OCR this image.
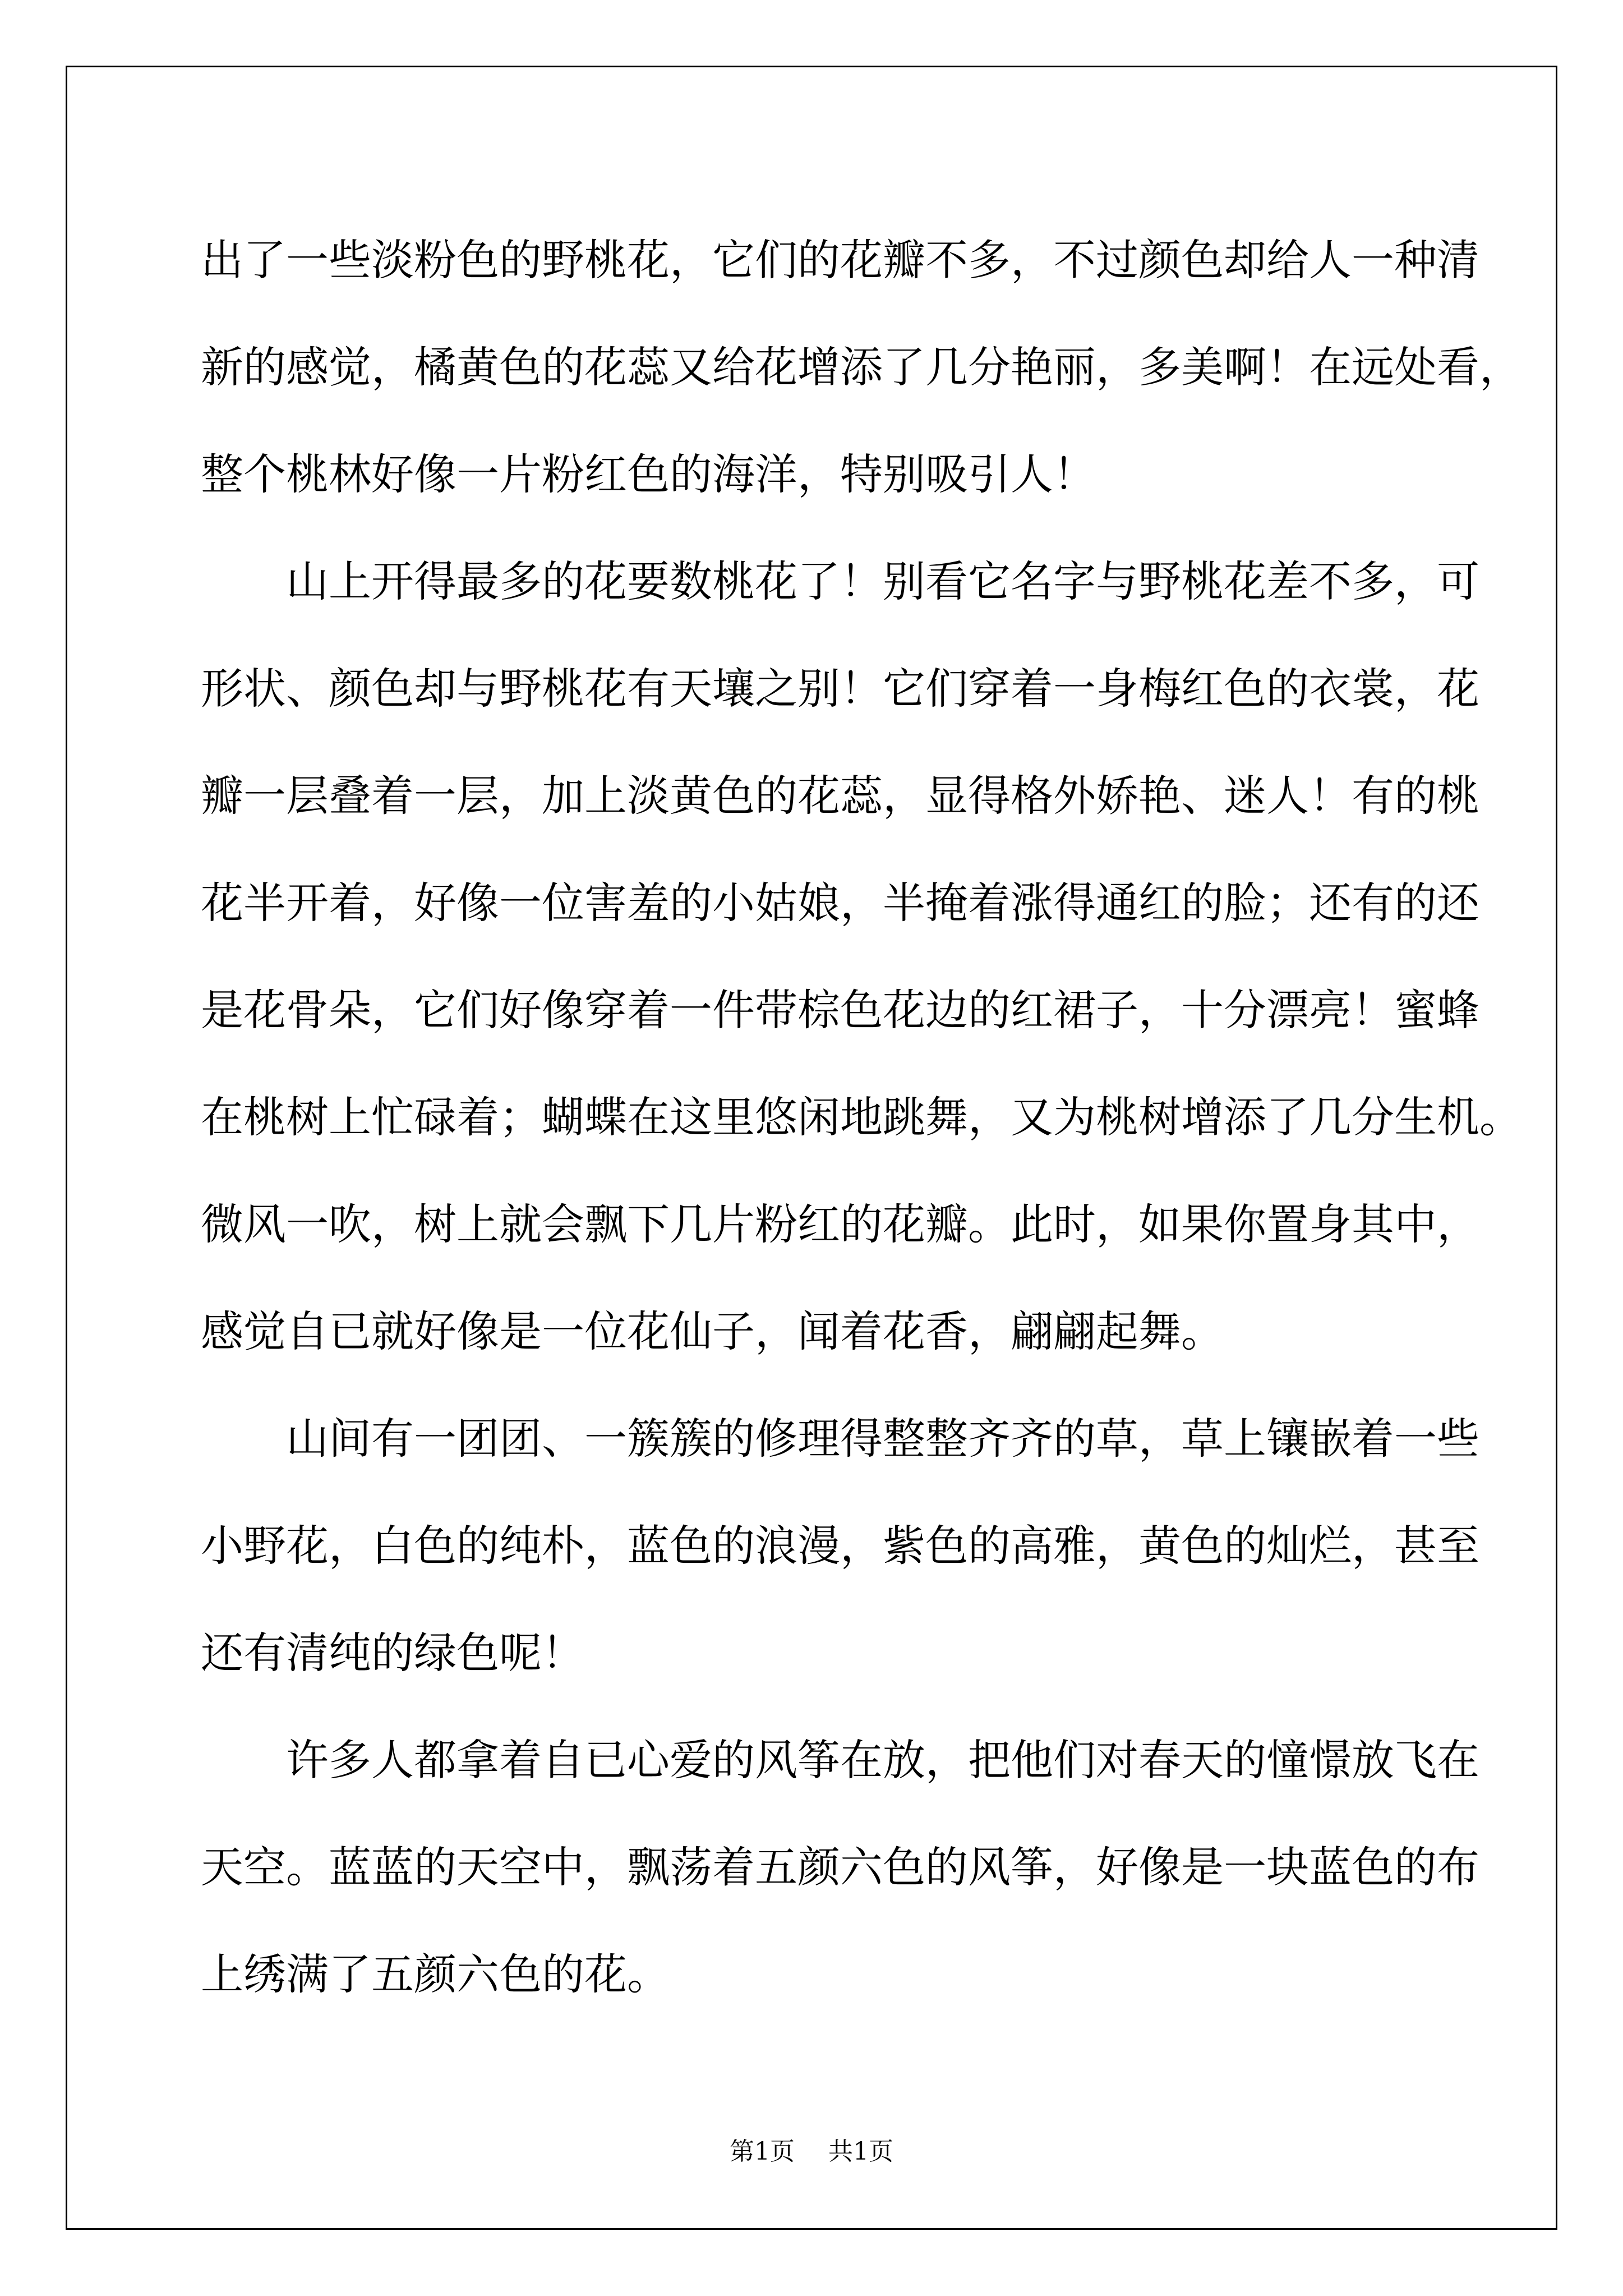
出了一些淡粉色的野桃花，它们的花瓣不多，不过颜色却给人一种清
新的感觉，橘黄色的花蕊又给花增添了几分艳丽，多美啊！在远处看，
整个桃林好像一片粉红色的海洋，特别吸引人！
山上开得最多的花要数桃花了！别看它名字与野桃花差不多，可
形状、颜色却与野桃花有天壤之别！它们穿着一身梅红色的衣裳，花
瓣一层叠着一层，加上淡黄色的花蕊，显得格外娇艳、迷人！有的桃
花半开着，好像一位害羞的小姑娘，半掩着涨得通红的脸；还有的还
是花骨朵，它们好像穿着一件带棕色花边的红裙子，十分漂亮！蜜蜂
在桃树上忙碌着；蝴蝶在这里悠闲地跳舞，又为桃树增添了几分生机。
微风一吹，树上就会飘下几片粉红的花瓣。此时，如果你置身其中，
感觉自已就好像是一位花仙子，闻着花香，翩翩起舞。
山间有一团团、一簇簇的修理得整整齐齐的草，草上镶嵌着一些
小野花，白色的纯朴，蓝色的浪漫，紫色的高雅，黄色的灿烂，甚至
还有清纯的绿色呢！
许多人都拿着自已心爱的风筝在放，把他们对春天的憧憬放飞在
天空。蓝蓝的天空中，飘荡着五颜六色的风筝，好像是一块蓝色的布
上绣满了五颜六色的花。
第1页 共1页
